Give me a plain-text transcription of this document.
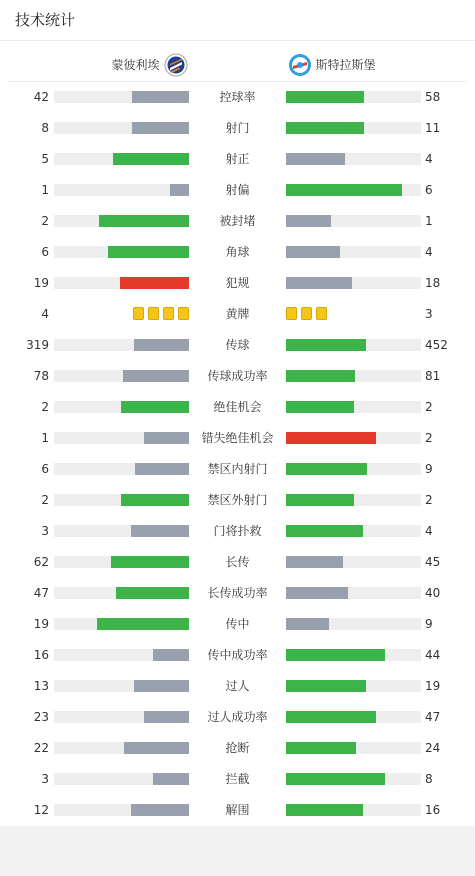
技术统计
蒙彼利埃	斯特拉斯堡
42	控球率	58
8	射门	11
5	射正	4
1	射偏	6
2	被封堵	1
6	角球	4
19	犯规	18
4	黄牌	3
319	传球	452
78	传球成功率	81
2	绝佳机会	2
1	错失绝佳机会	2
6	禁区内射门	9
2	禁区外射门	2
3	门将扑救	4
62	长传	45
47	长传成功率	40
19	传中	9
16	传中成功率	44
13	过人	19
23	过人成功率	47
22	抢断	24
3	拦截	8
12	解围	16
